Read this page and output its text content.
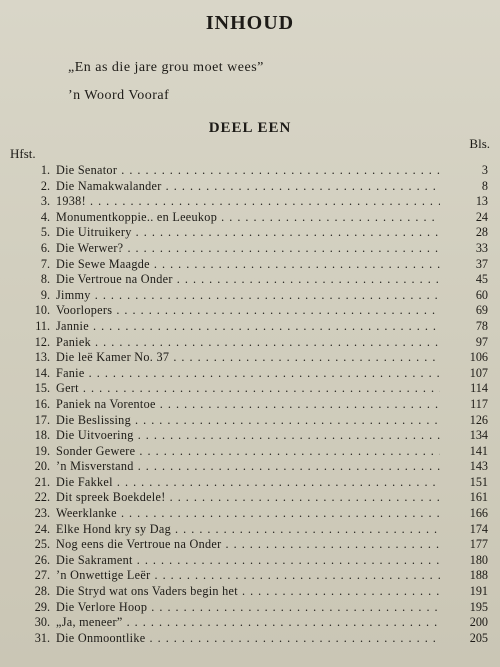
INHOUD
„En as die jare grou moet wees”
’n Woord Vooraf
DEEL EEN
Hfst.
Bls.
1. Die Senator . . .	3
2. Die Namakwalander . . .	8
3. 1938! . . .	13
4. Monumentkoppie.. en Leeukop . . .	24
5. Die Uitruikery . . .	28
6. Die Werwer? . . .	33
7. Die Sewe Maagde . . .	37
8. Die Vertroue na Onder . . .	45
9. Jimmy . . .	60
10. Voorlopers . . .	69
11. Jannie . . .	78
12. Paniek . . .	97
13. Die leë Kamer No. 37 . . .	106
14. Fanie . . .	107
15. Gert . . .	114
16. Paniek na Vorentoe . . .	117
17. Die Beslissing . . .	126
18. Die Uitvoering . . .	134
19. Sonder Gewere . . .	141
20. ’n Misverstand . . .	143
21. Die Fakkel . . .	151
22. Dit spreek Boekdele! . . .	161
23. Weerklanke . . .	166
24. Elke Hond kry sy Dag . . .	174
25. Nog eens die Vertroue na Onder . . .	177
26. Die Sakrament . . .	180
27. ’n Onwettige Leër . . .	188
28. Die Stryd wat ons Vaders begin het . . .	191
29. Die Verlore Hoop . . .	195
30. „Ja, meneer” . . .	200
31. Die Onmoontlike . . .	205
